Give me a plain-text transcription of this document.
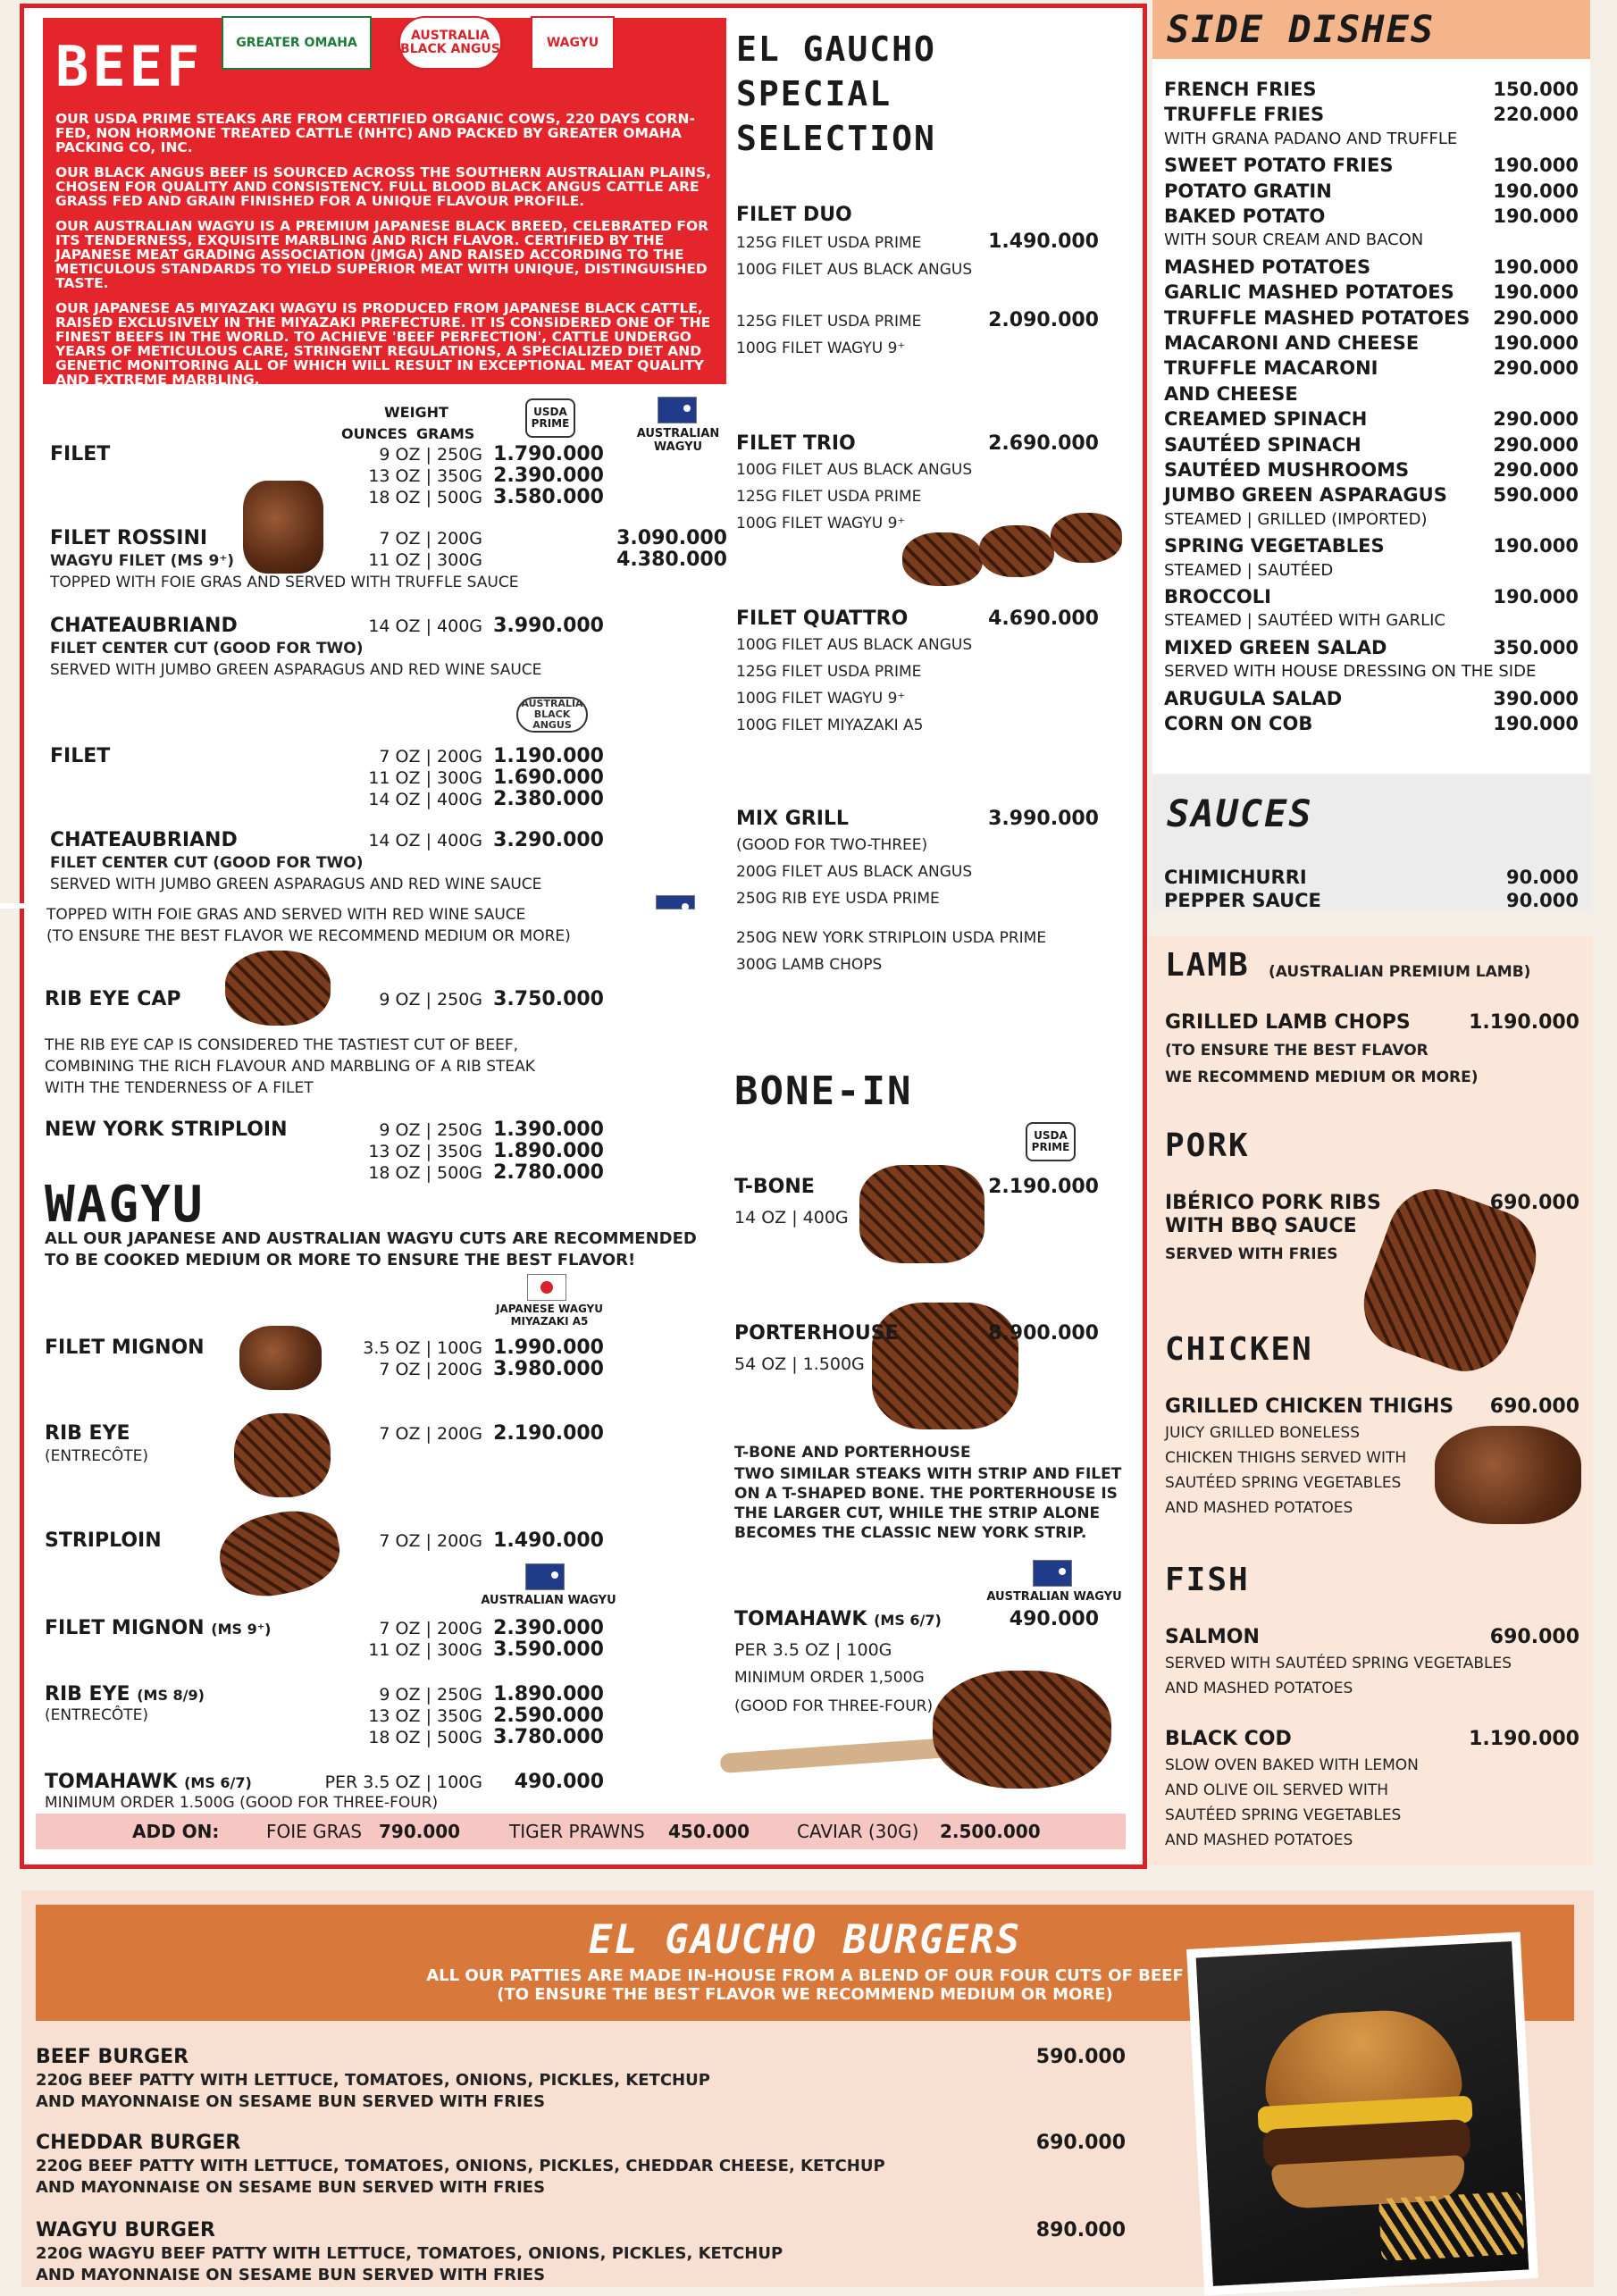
BEEF
OUR USDA PRIME STEAKS ARE FROM CERTIFIED ORGANIC COWS, 220 DAYS CORN-FED, NON HORMONE TREATED CATTLE (NHTC) AND PACKED BY GREATER OMAHA PACKING CO, INC.
OUR BLACK ANGUS BEEF IS SOURCED ACROSS THE SOUTHERN AUSTRALIAN PLAINS, CHOSEN FOR QUALITY AND CONSISTENCY. FULL BLOOD BLACK ANGUS CATTLE ARE GRASS FED AND GRAIN FINISHED FOR A UNIQUE FLAVOUR PROFILE.
OUR AUSTRALIAN WAGYU IS A PREMIUM JAPANESE BLACK BREED, CELEBRATED FOR ITS TENDERNESS, EXQUISITE MARBLING AND RICH FLAVOR. CERTIFIED BY THE JAPANESE MEAT GRADING ASSOCIATION (JMGA) AND RAISED ACCORDING TO THE METICULOUS STANDARDS TO YIELD SUPERIOR MEAT WITH UNIQUE, DISTINGUISHED TASTE.
OUR JAPANESE A5 MIYAZAKI WAGYU IS PRODUCED FROM JAPANESE BLACK CATTLE, RAISED EXCLUSIVELY IN THE MIYAZAKI PREFECTURE. IT IS CONSIDERED ONE OF THE FINEST BEEFS IN THE WORLD. TO ACHIEVE 'BEEF PERFECTION', CATTLE UNDERGO YEARS OF METICULOUS CARE, STRINGENT REGULATIONS, A SPECIALIZED DIET AND GENETIC MONITORING ALL OF WHICH WILL RESULT IN EXCEPTIONAL MEAT QUALITY AND EXTREME MARBLING.
GREATER OMAHA	AUSTRALIA BLACK ANGUS	WAGYU
WEIGHT
OUNCES GRAMS
USDA PRIME
AUSTRALIAN WAGYU
FILET	9 OZ | 250G 1.790.000
13 OZ | 350G 2.390.000
18 OZ | 500G 3.580.000
FILET ROSSINI
WAGYU FILET (MS 9⁺)
7 OZ | 200G	3.090.000
11 OZ | 300G	4.380.000
TOPPED WITH FOIE GRAS AND SERVED WITH TRUFFLE SAUCE
CHATEAUBRIAND	14 OZ | 400G 3.990.000
FILET CENTER CUT (GOOD FOR TWO)
SERVED WITH JUMBO GREEN ASPARAGUS AND RED WINE SAUCE
AUSTRALIA BLACK ANGUS
FILET	7 OZ | 200G 1.190.000
11 OZ | 300G 1.690.000
14 OZ | 400G 2.380.000
CHATEAUBRIAND	14 OZ | 400G 3.290.000
FILET CENTER CUT (GOOD FOR TWO)
SERVED WITH JUMBO GREEN ASPARAGUS AND RED WINE SAUCE
TOPPED WITH FOIE GRAS AND SERVED WITH RED WINE SAUCE
(TO ENSURE THE BEST FLAVOR WE RECOMMEND MEDIUM OR MORE)
RIB EYE CAP	9 OZ | 250G 3.750.000
THE RIB EYE CAP IS CONSIDERED THE TASTIEST CUT OF BEEF,
COMBINING THE RICH FLAVOUR AND MARBLING OF A RIB STEAK
WITH THE TENDERNESS OF A FILET
NEW YORK STRIPLOIN	9 OZ | 250G 1.390.000
13 OZ | 350G 1.890.000
18 OZ | 500G 2.780.000
WAGYU
ALL OUR JAPANESE AND AUSTRALIAN WAGYU CUTS ARE RECOMMENDED
TO BE COOKED MEDIUM OR MORE TO ENSURE THE BEST FLAVOR!
JAPANESE WAGYU MIYAZAKI A5
FILET MIGNON	3.5 OZ | 100G 1.990.000
7 OZ | 200G 3.980.000
RIB EYE
(ENTRECÔTE)
7 OZ | 200G 2.190.000
STRIPLOIN	7 OZ | 200G 1.490.000
AUSTRALIAN WAGYU
FILET MIGNON (MS 9⁺)	7 OZ | 200G 2.390.000
11 OZ | 300G 3.590.000
RIB EYE (MS 8/9)
(ENTRECÔTE)
9 OZ | 250G 1.890.000
13 OZ | 350G 2.590.000
18 OZ | 500G 3.780.000
TOMAHAWK (MS 6/7)	PER 3.5 OZ | 100G	490.000
MINIMUM ORDER 1.500G (GOOD FOR THREE-FOUR)
ADD ON:	FOIE GRAS 790.000	TIGER PRAWNS 450.000	CAVIAR (30G) 2.500.000
EL GAUCHO
SPECIAL
SELECTION
FILET DUO
125G FILET USDA PRIME	1.490.000
100G FILET AUS BLACK ANGUS
125G FILET USDA PRIME	2.090.000
100G FILET WAGYU 9⁺
FILET TRIO	2.690.000
100G FILET AUS BLACK ANGUS
125G FILET USDA PRIME
100G FILET WAGYU 9⁺
FILET QUATTRO	4.690.000
100G FILET AUS BLACK ANGUS
125G FILET USDA PRIME
100G FILET WAGYU 9⁺
100G FILET MIYAZAKI A5
MIX GRILL	3.990.000
(GOOD FOR TWO-THREE)
200G FILET AUS BLACK ANGUS
250G RIB EYE USDA PRIME
250G NEW YORK STRIPLOIN USDA PRIME
300G LAMB CHOPS
BONE-IN
USDA PRIME
T-BONE
14 OZ | 400G
2.190.000
PORTERHOUSE
54 OZ | 1.500G
8.900.000
T-BONE AND PORTERHOUSE
TWO SIMILAR STEAKS WITH STRIP AND FILET
ON A T-SHAPED BONE. THE PORTERHOUSE IS
THE LARGER CUT, WHILE THE STRIP ALONE
BECOMES THE CLASSIC NEW YORK STRIP.
AUSTRALIAN WAGYU
TOMAHAWK (MS 6/7)	490.000
PER 3.5 OZ | 100G
MINIMUM ORDER 1,500G
(GOOD FOR THREE-FOUR)
SIDE DISHES
FRENCH FRIES	150.000
TRUFFLE FRIES	220.000
WITH GRANA PADANO AND TRUFFLE
SWEET POTATO FRIES	190.000
POTATO GRATIN	190.000
BAKED POTATO	190.000
WITH SOUR CREAM AND BACON
MASHED POTATOES	190.000
GARLIC MASHED POTATOES 190.000
TRUFFLE MASHED POTATOES 290.000
MACARONI AND CHEESE	190.000
TRUFFLE MACARONI	290.000
AND CHEESE
CREAMED SPINACH	290.000
SAUTÉED SPINACH	290.000
SAUTÉED MUSHROOMS	290.000
JUMBO GREEN ASPARAGUS 590.000
STEAMED | GRILLED (IMPORTED)
SPRING VEGETABLES	190.000
STEAMED | SAUTÉED
BROCCOLI	190.000
STEAMED | SAUTÉED WITH GARLIC
MIXED GREEN SALAD	350.000
SERVED WITH HOUSE DRESSING ON THE SIDE
ARUGULA SALAD	390.000
CORN ON COB	190.000
SAUCES
CHIMICHURRI	90.000
PEPPER SAUCE	90.000
LAMB (AUSTRALIAN PREMIUM LAMB)
GRILLED LAMB CHOPS	1.190.000
(TO ENSURE THE BEST FLAVOR
WE RECOMMEND MEDIUM OR MORE)
PORK
IBÉRICO PORK RIBS
WITH BBQ SAUCE
690.000
SERVED WITH FRIES
CHICKEN
GRILLED CHICKEN THIGHS	690.000
JUICY GRILLED BONELESS
CHICKEN THIGHS SERVED WITH
SAUTÉED SPRING VEGETABLES
AND MASHED POTATOES
FISH
SALMON	690.000
SERVED WITH SAUTÉED SPRING VEGETABLES
AND MASHED POTATOES
BLACK COD	1.190.000
SLOW OVEN BAKED WITH LEMON
AND OLIVE OIL SERVED WITH
SAUTÉED SPRING VEGETABLES
AND MASHED POTATOES
EL GAUCHO BURGERS
ALL OUR PATTIES ARE MADE IN-HOUSE FROM A BLEND OF OUR FOUR CUTS OF BEEF
(TO ENSURE THE BEST FLAVOR WE RECOMMEND MEDIUM OR MORE)
BEEF BURGER	590.000
220G BEEF PATTY WITH LETTUCE, TOMATOES, ONIONS, PICKLES, KETCHUP
AND MAYONNAISE ON SESAME BUN SERVED WITH FRIES
CHEDDAR BURGER	690.000
220G BEEF PATTY WITH LETTUCE, TOMATOES, ONIONS, PICKLES, CHEDDAR CHEESE, KETCHUP
AND MAYONNAISE ON SESAME BUN SERVED WITH FRIES
WAGYU BURGER	890.000
220G WAGYU BEEF PATTY WITH LETTUCE, TOMATOES, ONIONS, PICKLES, KETCHUP
AND MAYONNAISE ON SESAME BUN SERVED WITH FRIES
